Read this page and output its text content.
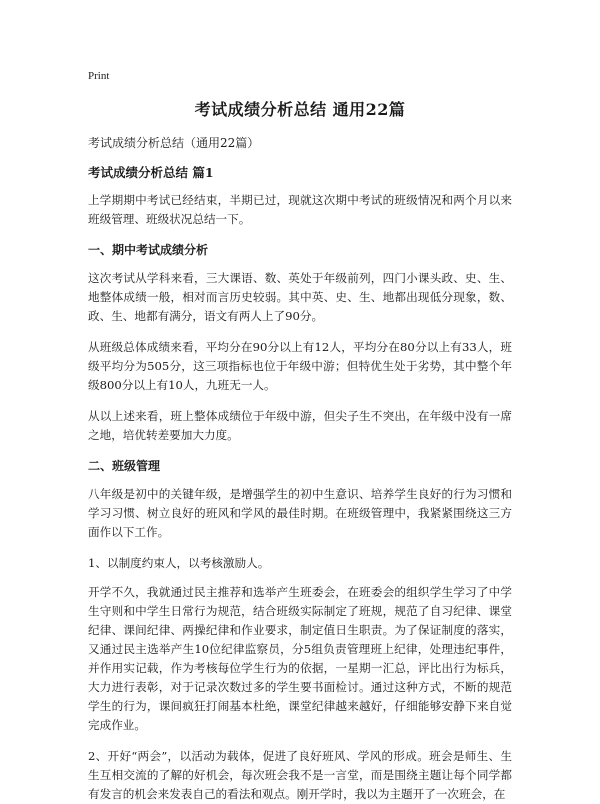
Print
考试成绩分析总结 通用22篇
考试成绩分析总结（通用22篇）
考试成绩分析总结 篇1

上学期期中考试已经结束，半期已过，现就这次期中考试的班级情况和两个月以来班级管理、班级状况总结一下。

一、期中考试成绩分析

这次考试从学科来看，三大课语、数、英处于年级前列，四门小课头政、史、生、地整体成绩一般，相对而言历史较弱。其中英、史、生、地都出现低分现象，数、政、生、地都有满分，语文有两人上了90分。

从班级总体成绩来看，平均分在90分以上有12人，平均分在80分以上有33人，班级平均分为505分，这三项指标也位于年级中游；但特优生处于劣势，其中整个年级800分以上有10人，九班无一人。

从以上述来看，班上整体成绩位于年级中游，但尖子生不突出，在年级中没有一席之地，培优转差要加大力度。

二、班级管理

八年级是初中的关键年级，是增强学生的初中生意识、培养学生良好的行为习惯和学习习惯、树立良好的班风和学风的最佳时期。在班级管理中，我紧紧围绕这三方面作以下工作。

1、以制度约束人，以考核激励人。

开学不久，我就通过民主推荐和选举产生班委会，在班委会的组织学生学习了中学生守则和中学生日常行为规范，结合班级实际制定了班规，规范了自习纪律、课堂纪律、课间纪律、两操纪律和作业要求，制定值日生职责。为了保证制度的落实，又通过民主选举产生10位纪律监察员，分5组负责管理班上纪律，处理违纪事件，并作用实记载，作为考核每位学生行为的依据，一星期一汇总，评比出行为标兵，大力进行表彰，对于记录次数过多的学生要书面检讨。通过这种方式，不断的规范学生的行为，课间疯狂打闹基本杜绝，课堂纪律越来越好，仔细能够安静下来自觉完成作业。

2、开好“两会”，以活动为载体，促进了良好班风、学风的形成。班会是师生、生生互相交流的了解的好机会，每次班会我不是一言堂，而是围绕主题让每个同学都有发言的机会来发表自己的看法和观点。刚开学时，我以为主题开了一次班会，在
